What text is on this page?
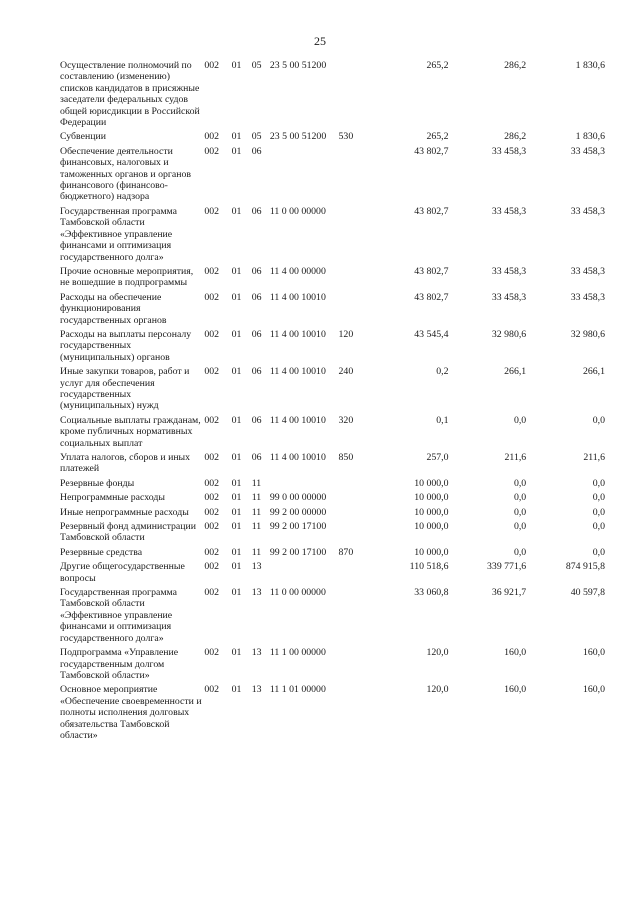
25
Осуществление полномочий по составлению (изменению) списков кандидатов в присяжные заседатели федеральных судов общей юрисдикции в Российской Федерации	002	01	05	23 5 00 51200		265,2	286,2	1 830,6
Субвенции	002	01	05	23 5 00 51200	530	265,2	286,2	1 830,6
Обеспечение деятельности финансовых, налоговых и таможенных органов и органов финансового (финансово-бюджетного) надзора	002	01	06			43 802,7	33 458,3	33 458,3
Государственная программа Тамбовской области «Эффективное управление финансами и оптимизация государственного долга»	002	01	06	11 0 00 00000		43 802,7	33 458,3	33 458,3
Прочие основные мероприятия, не вошедшие в подпрограммы	002	01	06	11 4 00 00000		43 802,7	33 458,3	33 458,3
Расходы на обеспечение функционирования государственных органов	002	01	06	11 4 00 10010		43 802,7	33 458,3	33 458,3
Расходы на выплаты персоналу государственных (муниципальных) органов	002	01	06	11 4 00 10010	120	43 545,4	32 980,6	32 980,6
Иные закупки товаров, работ и услуг для обеспечения государственных (муниципальных) нужд	002	01	06	11 4 00 10010	240	0,2	266,1	266,1
Социальные выплаты гражданам, кроме публичных нормативных социальных выплат	002	01	06	11 4 00 10010	320	0,1	0,0	0,0
Уплата налогов, сборов и иных платежей	002	01	06	11 4 00 10010	850	257,0	211,6	211,6
Резервные фонды	002	01	11			10 000,0	0,0	0,0
Непрограммные расходы	002	01	11	99 0 00 00000		10 000,0	0,0	0,0
Иные непрограммные расходы	002	01	11	99 2 00 00000		10 000,0	0,0	0,0
Резервный фонд администрации Тамбовской области	002	01	11	99 2 00 17100		10 000,0	0,0	0,0
Резервные средства	002	01	11	99 2 00 17100	870	10 000,0	0,0	0,0
Другие общегосударственные вопросы	002	01	13			110 518,6	339 771,6	874 915,8
Государственная программа Тамбовской области «Эффективное управление финансами и оптимизация государственного долга»	002	01	13	11 0 00 00000		33 060,8	36 921,7	40 597,8
Подпрограмма «Управление государственным долгом Тамбовской области»	002	01	13	11 1 00 00000		120,0	160,0	160,0
Основное мероприятие «Обеспечение своевременности и полноты исполнения долговых обязательства Тамбовской области»	002	01	13	11 1 01 00000		120,0	160,0	160,0
